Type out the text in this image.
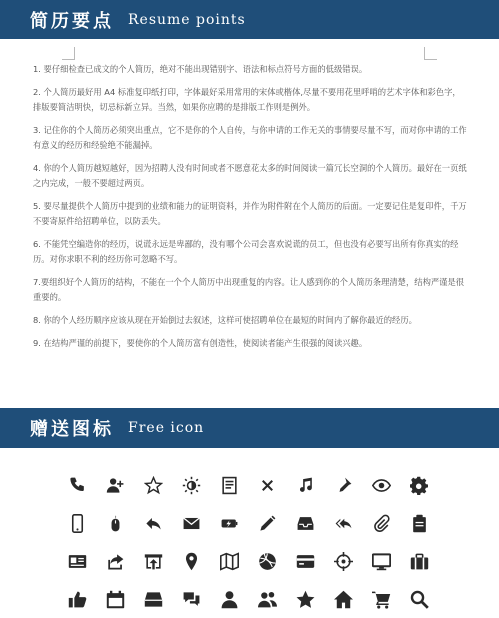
简历要点 Resume points

1. 要仔细检查已成文的个人简历，绝对不能出现错别字、语法和标点符号方面的低级错误。

2. 个人简历最好用 A4 标准复印纸打印，字体最好采用常用的宋体或楷体,尽量不要用花里呼哨的艺术字体和彩色字，排版要简洁明快，切忌标新立异。当然，如果你应聘的是排版工作则是例外。

3. 记住你的个人简历必须突出重点，它不是你的个人自传，与你申请的工作无关的事情要尽量不写，而对你申请的工作有意义的经历和经验绝不能漏掉。

4. 你的个人简历越短越好，因为招聘人没有时间或者不愿意花太多的时间阅读一篇冗长空洞的个人简历。最好在一页纸之内完成，一般不要超过两页。

5. 要尽量提供个人简历中提到的业绩和能力的证明资料，并作为附件附在个人简历的后面。一定要记住是复印件，千万不要寄原件给招聘单位，以防丢失。

6. 不能凭空编造你的经历，说谎永远是卑鄙的，没有哪个公司会喜欢说谎的员工，但也没有必要写出所有你真实的经历。对你求职不利的经历你可忽略不写。

7.要组织好个人简历的结构，不能在一个个人简历中出现重复的内容。让人感到你的个人简历条理清楚，结构严谨是很重要的。

8. 你的个人经历顺序应该从现在开始倒过去叙述，这样可使招聘单位在最短的时间内了解你最近的经历。

9. 在结构严谨的前提下，要使你的个人简历富有创造性，使阅读者能产生很强的阅读兴趣。

赠送图标 Free icon
